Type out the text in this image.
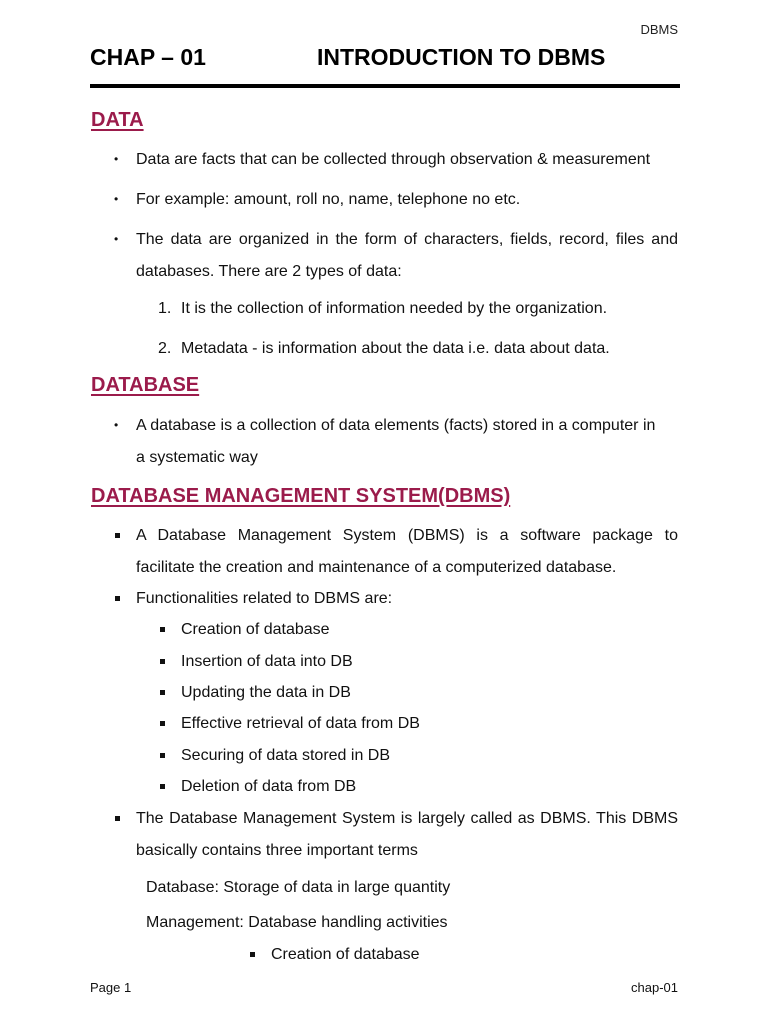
DBMS
CHAP – 01	INTRODUCTION TO DBMS
DATA
• Data are facts that can be collected through observation & measurement
• For example: amount, roll no, name, telephone no etc.
• The data are organized in the form of characters, fields, record, files and
databases. There are 2 types of data:
1. It is the collection of information needed by the organization.
2. Metadata - is information about the data i.e. data about data.
DATABASE
• A database is a collection of data elements (facts) stored in a computer in
a systematic way
DATABASE MANAGEMENT SYSTEM(DBMS)
A Database Management System (DBMS) is a software package to
facilitate the creation and maintenance of a computerized database.
Functionalities related to DBMS are:
Creation of database
Insertion of data into DB
Updating the data in DB
Effective retrieval of data from DB
Securing of data stored in DB
Deletion of data from DB
The Database Management System is largely called as DBMS. This DBMS
basically contains three important terms
Database: Storage of data in large quantity
Management: Database handling activities
Creation of database
Page 1	chap-01
